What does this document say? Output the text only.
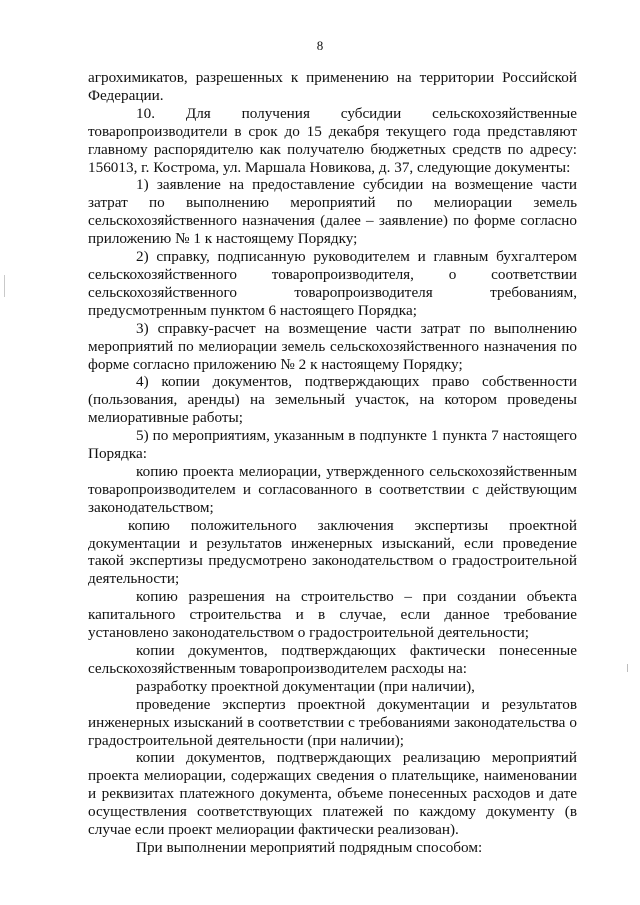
8

агрохимикатов, разрешенных к применению на территории Российской Федерации.

10. Для получения субсидии сельскохозяйственные товаропроизводители в срок до 15 декабря текущего года представляют главному распорядителю как получателю бюджетных средств по адресу: 156013, г. Кострома, ул. Маршала Новикова, д. 37, следующие документы:

1) заявление на предоставление субсидии на возмещение части затрат по выполнению мероприятий по мелиорации земель сельскохозяйственного назначения (далее – заявление) по форме согласно приложению № 1 к настоящему Порядку;

2) справку, подписанную руководителем и главным бухгалтером сельскохозяйственного товаропроизводителя, о соответствии сельскохозяйственного товаропроизводителя требованиям, предусмотренным пунктом 6 настоящего Порядка;

3) справку-расчет на возмещение части затрат по выполнению мероприятий по мелиорации земель сельскохозяйственного назначения по форме согласно приложению № 2 к настоящему Порядку;

4) копии документов, подтверждающих право собственности (пользования, аренды) на земельный участок, на котором проведены мелиоративные работы;

5) по мероприятиям, указанным в подпункте 1 пункта 7 настоящего Порядка:

копию проекта мелиорации, утвержденного сельскохозяйственным товаропроизводителем и согласованного в соответствии с действующим законодательством;

копию положительного заключения экспертизы проектной документации и результатов инженерных изысканий, если проведение такой экспертизы предусмотрено законодательством о градостроительной деятельности;

копию разрешения на строительство – при создании объекта капитального строительства и в случае, если данное требование установлено законодательством о градостроительной деятельности;

копии документов, подтверждающих фактически понесенные сельскохозяйственным товаропроизводителем расходы на:

разработку проектной документации (при наличии),

проведение экспертиз проектной документации и результатов инженерных изысканий в соответствии с требованиями законодательства о градостроительной деятельности (при наличии);

копии документов, подтверждающих реализацию мероприятий проекта мелиорации, содержащих сведения о плательщике, наименовании и реквизитах платежного документа, объеме понесенных расходов и дате осуществления соответствующих платежей по каждому документу (в случае если проект мелиорации фактически реализован).

При выполнении мероприятий подрядным способом:
